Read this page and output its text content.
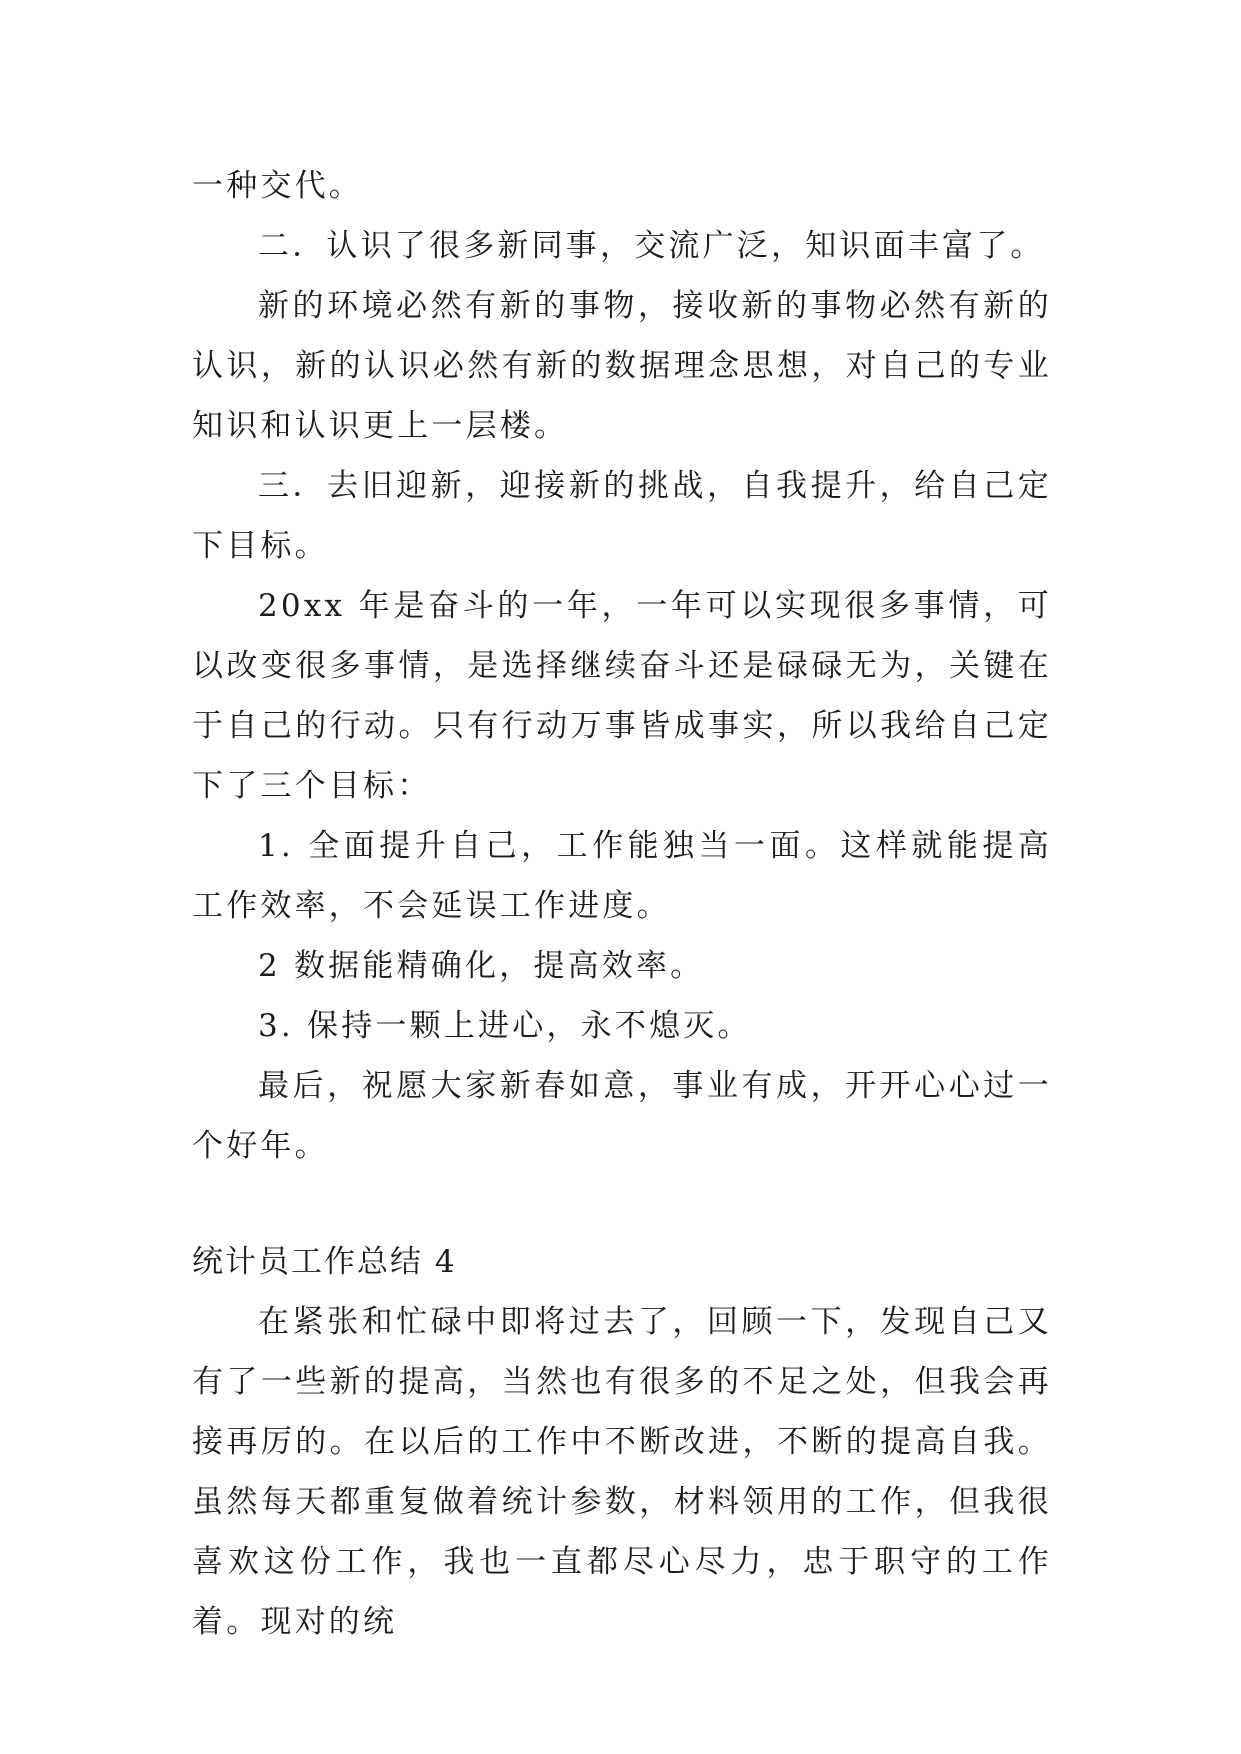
一种交代。

二．认识了很多新同事，交流广泛，知识面丰富了。

新的环境必然有新的事物，接收新的事物必然有新的认识，新的认识必然有新的数据理念思想，对自己的专业知识和认识更上一层楼。

三．去旧迎新，迎接新的挑战，自我提升，给自己定下目标。

20xx 年是奋斗的一年，一年可以实现很多事情，可以改变很多事情，是选择继续奋斗还是碌碌无为，关键在于自己的行动。只有行动万事皆成事实，所以我给自己定下了三个目标：

1. 全面提升自己，工作能独当一面。这样就能提高工作效率，不会延误工作进度。

2 数据能精确化，提高效率。

3. 保持一颗上进心，永不熄灭。

最后，祝愿大家新春如意，事业有成，开开心心过一个好年。

统计员工作总结 4

在紧张和忙碌中即将过去了，回顾一下，发现自己又有了一些新的提高，当然也有很多的不足之处，但我会再接再厉的。在以后的工作中不断改进，不断的提高自我。虽然每天都重复做着统计参数，材料领用的工作，但我很喜欢这份工作，我也一直都尽心尽力，忠于职守的工作着。现对的统
